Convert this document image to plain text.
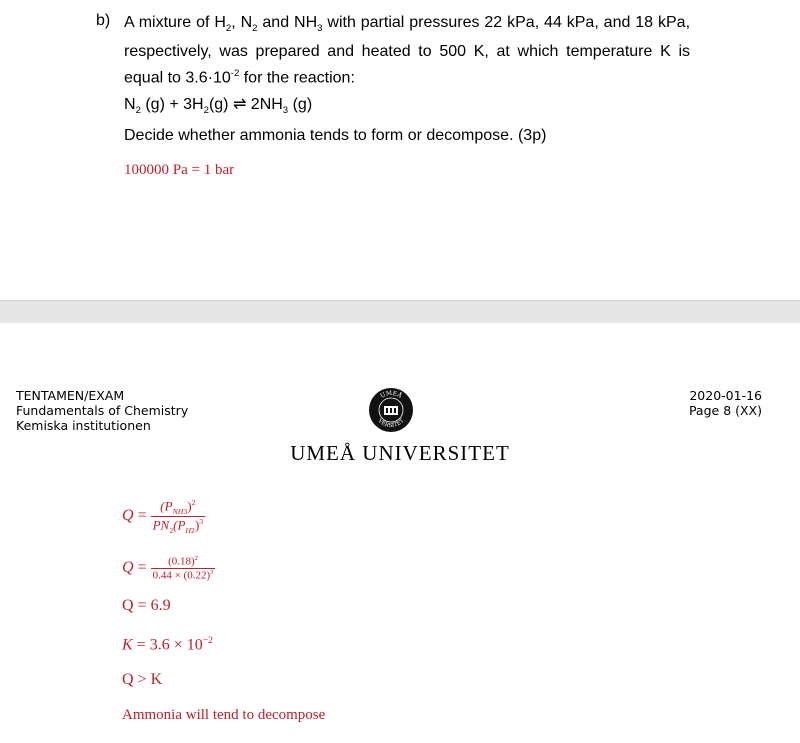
b) A mixture of $H_2$, $N_2$ and $NH_3$ with partial pressures 22 kPa, 44 kPa, and 18 kPa, respectively, was prepared and heated to 500 K, at which temperature K is equal to $3.6\cdot 10^{-2}$ for the reaction:
$N_2$ $(g) + 3H_2(g)$ ⇌ $2NH_3$ (g)
Decide whether ammonia tends to form or decompose. (3p)
100000 Pa = 1 bar
TENTAMEN/EXAM
Fundamentals of Chemistry
Kemiska institutionen
2020-01-16
Page 8 (XX)
UMEÅ
VERSITET
UMEÅ UNIVERSITET
$Q = \frac{(P_{NH3})^2}{PN_2(P_{H2})^3}$
$Q = \frac{(0.18)^2}{0.44 \times (0.22)^3}$
Q = 6.9
$K = 3.6 \times 10^{-2}$
Q > K
Ammonia will tend to decompose
